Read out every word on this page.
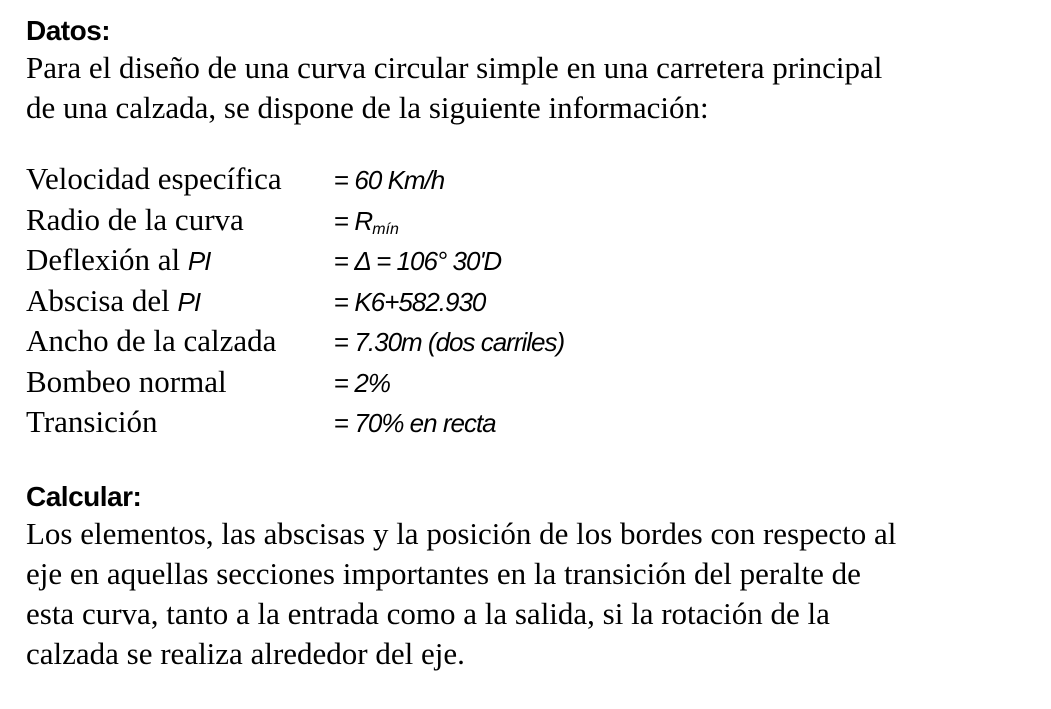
Datos:

Para el diseño de una curva circular simple en una carretera principal

de una calzada, se dispone de la siguiente información:

Velocidad específica	= 60 Km/h
Radio de la curva	= $R_{mín}$
Deflexión al PI	= Δ = 106° 30'D
Abscisa del PI	= K6+582.930
Ancho de la calzada	= 7.30m (dos carriles)
Bombeo normal	= 2%
Transición	= 70% en recta

Calcular:

Los elementos, las abscisas y la posición de los bordes con respecto al

eje en aquellas secciones importantes en la transición del peralte de

esta curva, tanto a la entrada como a la salida, si la rotación de la

calzada se realiza alrededor del eje.
